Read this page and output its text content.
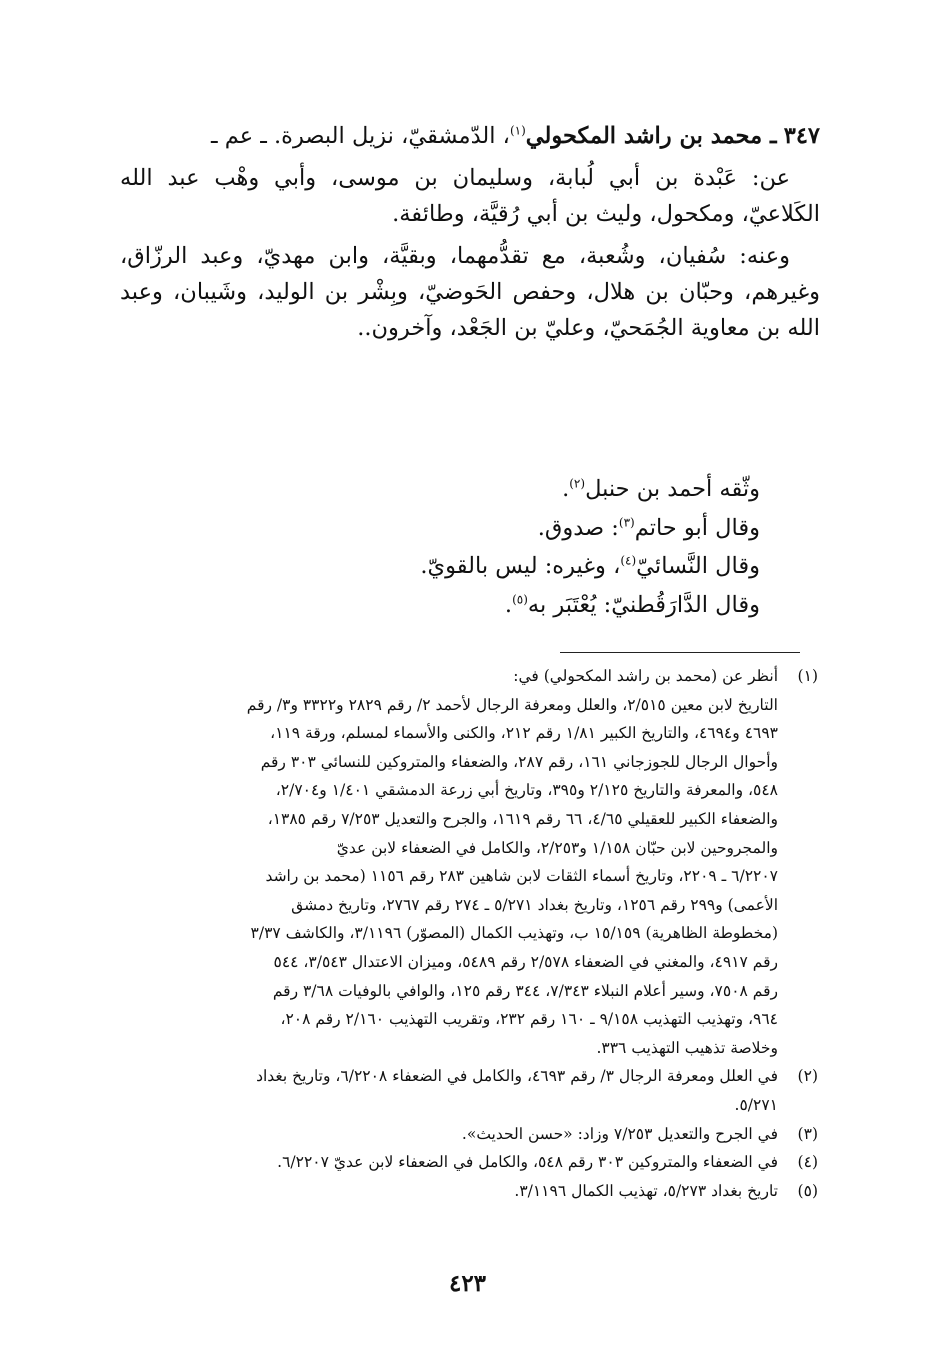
٣٤٧ ـ محمد بن راشد المكحولي$^{(١)}$، الدّمشقيّ، نزيل البصرة. ـ عم ـ

عن: عَبْدة بن أبي لُبابة، وسليمان بن موسى، وأبي وهْب عبد الله الكَلاعيّ، ومكحول، وليث بن أبي رُقيَّة، وطائفة.

وعنه: سُفيان، وشُعبة، مع تقدُّمهما، وبقيَّة، وابن مهديّ، وعبد الرزّاق، وغيرهم، وحبّان بن هلال، وحفص الحَوضيّ، وبِشْر بن الوليد، وشَيبان، وعبد الله بن معاوية الجُمَحيّ، وعليّ بن الجَعْد، وآخرون..

وثّقه أحمد بن حنبل$^{(٢)}$.

وقال أبو حاتم$^{(٣)}$: صدوق.

وقال النَّسائيّ$^{(٤)}$، وغيره: ليس بالقويّ.

وقال الدَّارَقُطنيّ: يُعْتَبَر به$^{(٥)}$.

(١)
أنظر عن (محمد بن راشد المكحولي) في:
التاريخ لابن معين ٢/٥١٥، والعلل ومعرفة الرجال لأحمد ٢/ رقم ٢٨٢٩ و٣٣٢٢ و٣/ رقم
٤٦٩٣ و٤٦٩٤، والتاريخ الكبير ١/٨١ رقم ٢١٢، والكنى والأسماء لمسلم، ورقة ١١٩،
وأحوال الرجال للجوزجاني ١٦١، رقم ٢٨٧، والضعفاء والمتروكين للنسائي ٣٠٣ رقم
٥٤٨، والمعرفة والتاريخ ٢/١٢٥ و٣٩٥، وتاريخ أبي زرعة الدمشقي ١/٤٠١ و٢/٧٠٤،
والضعفاء الكبير للعقيلي ٤/٦٥، ٦٦ رقم ١٦١٩، والجرح والتعديل ٧/٢٥٣ رقم ١٣٨٥،
والمجروحين لابن حبّان ١/١٥٨ و٢/٢٥٣، والكامل في الضعفاء لابن عديّ
٦/٢٢٠٧ ـ ٢٢٠٩، وتاريخ أسماء الثقات لابن شاهين ٢٨٣ رقم ١١٥٦ (محمد بن راشد
الأعمى) و٢٩٩ رقم ١٢٥٦، وتاريخ بغداد ٥/٢٧١ ـ ٢٧٤ رقم ٢٧٦٧، وتاريخ دمشق
(مخطوطة الظاهرية) ١٥/١٥٩ ب، وتهذيب الكمال (المصوّر) ٣/١١٩٦، والكاشف ٣/٣٧
رقم ٤٩١٧، والمغني في الضعفاء ٢/٥٧٨ رقم ٥٤٨٩، وميزان الاعتدال ٣/٥٤٣، ٥٤٤
رقم ٧٥٠٨، وسير أعلام النبلاء ٧/٣٤٣، ٣٤٤ رقم ١٢٥، والوافي بالوفيات ٣/٦٨ رقم
٩٦٤، وتهذيب التهذيب ٩/١٥٨ ـ ١٦٠ رقم ٢٣٢، وتقريب التهذيب ٢/١٦٠ رقم ٢٠٨،
وخلاصة تذهيب التهذيب ٣٣٦.
(٢)
في العلل ومعرفة الرجال ٣/ رقم ٤٦٩٣، والكامل في الضعفاء ٦/٢٢٠٨، وتاريخ بغداد
٥/٢٧١.
(٣)
في الجرح والتعديل ٧/٢٥٣ وزاد: «حسن الحديث».
(٤)
في الضعفاء والمتروكين ٣٠٣ رقم ٥٤٨، والكامل في الضعفاء لابن عديّ ٦/٢٢٠٧.
(٥)
تاريخ بغداد ٥/٢٧٣، تهذيب الكمال ٣/١١٩٦.
٤٢٣
